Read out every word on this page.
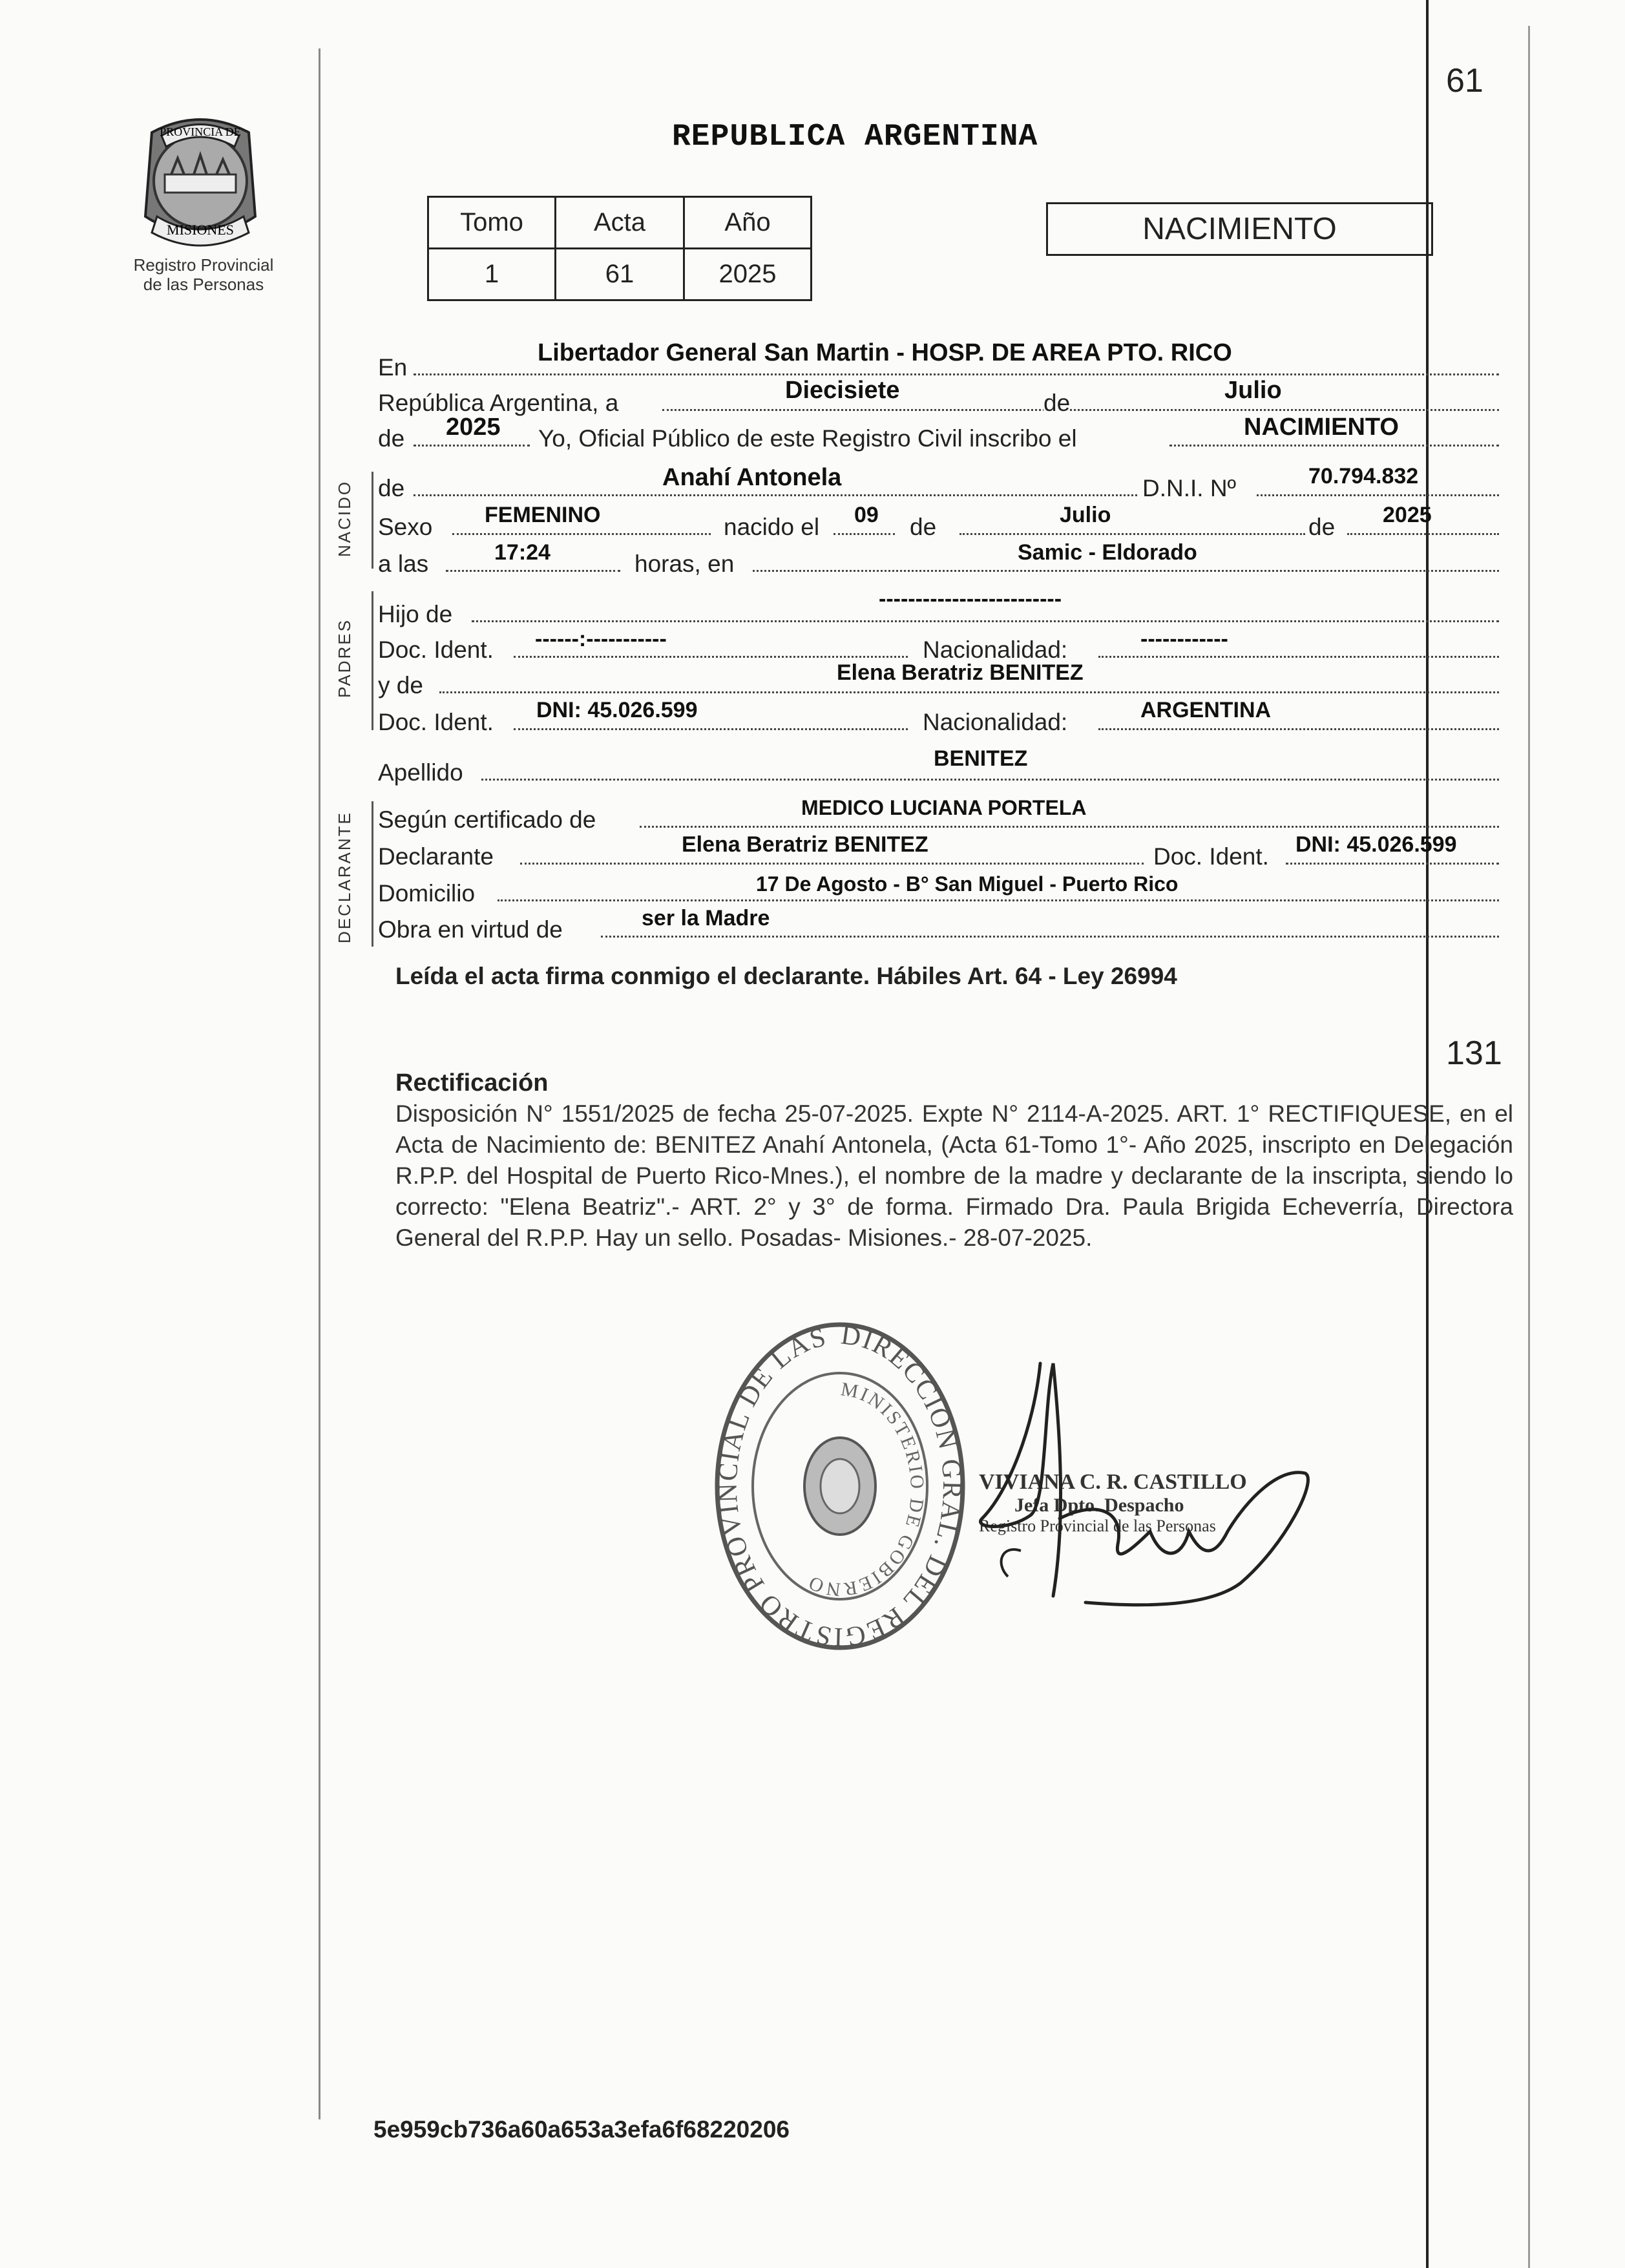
61
131
PROVINCIA DE
MISIONES
Registro Provincial
de las Personas
REPUBLICA ARGENTINA
Tomo	Acta	Año
1	61	2025
NACIMIENTO
NACIDO
PADRES
DECLARANTE
En
Libertador General San Martin - HOSP. DE AREA PTO. RICO
República Argentina, a	Diecisiete	de	Julio
de 2025 Yo, Oficial Público de este Registro Civil inscribo el	NACIMIENTO
de	Anahí Antonela	D.N.I. Nº	70.794.832
Sexo FEMENINO	nacido el 09 de	Julio	de 2025
a las	17:24	horas, en	Samic - Eldorado
Hijo de
-------------------------
Doc. Ident. ------:-----------	Nacionalidad:	------------
y de	Elena Beratriz BENITEZ
Doc. Ident. DNI: 45.026.599	Nacionalidad:	ARGENTINA
Apellido
BENITEZ
Según certificado de	MEDICO LUCIANA PORTELA
Declarante	Elena Beratriz BENITEZ	Doc. Ident. DNI: 45.026.599
Domicilio	17 De Agosto - B° San Miguel - Puerto Rico
Obra en virtud de	ser la Madre
Leída el acta firma conmigo el declarante. Hábiles Art. 64 - Ley 26994
Rectificación
Disposición N° 1551/2025 de fecha 25-07-2025. Expte N° 2114-A-2025. ART. 1° RECTIFIQUESE, en el Acta de Nacimiento de: BENITEZ Anahí Antonela, (Acta 61-Tomo 1°- Año 2025, inscripto en Delegación R.P.P. del Hospital de Puerto Rico-Mnes.), el nombre de la madre y declarante de la inscripta, siendo lo correcto: "Elena Beatriz".- ART. 2° y 3° de forma. Firmado Dra. Paula Brigida Echeverría, Directora General del R.P.P. Hay un sello. Posadas- Misiones.- 28-07-2025.
DIRECCION GRAL. DEL REGISTRO PROVINCIAL DE LAS
MINISTERIO DE GOBIERNO
VIVIANA C. R. CASTILLO
Jefa Dpto. Despacho
Registro Provincial de las Personas
5e959cb736a60a653a3efa6f68220206
